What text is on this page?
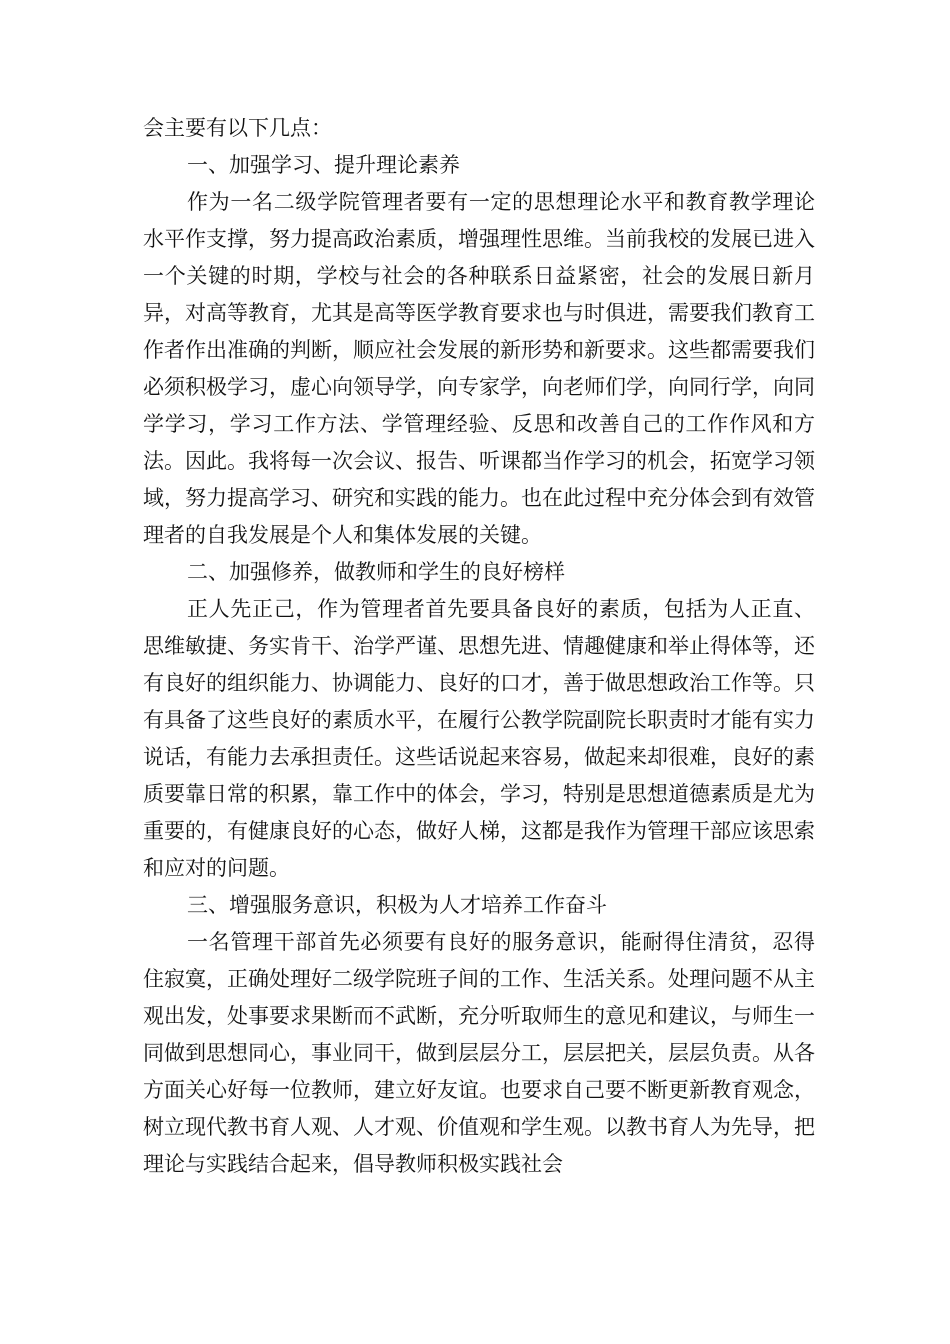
会主要有以下几点：

一、加强学习、提升理论素养

作为一名二级学院管理者要有一定的思想理论水平和教育教学理论水平作支撑，努力提高政治素质，增强理性思维。当前我校的发展已进入一个关键的时期，学校与社会的各种联系日益紧密，社会的发展日新月异，对高等教育，尤其是高等医学教育要求也与时俱进，需要我们教育工作者作出准确的判断，顺应社会发展的新形势和新要求。这些都需要我们必须积极学习，虚心向领导学，向专家学，向老师们学，向同行学，向同学学习，学习工作方法、学管理经验、反思和改善自己的工作作风和方法。因此。我将每一次会议、报告、听课都当作学习的机会，拓宽学习领域，努力提高学习、研究和实践的能力。也在此过程中充分体会到有效管理者的自我发展是个人和集体发展的关键。

二、加强修养，做教师和学生的良好榜样

正人先正己，作为管理者首先要具备良好的素质，包括为人正直、思维敏捷、务实肯干、治学严谨、思想先进、情趣健康和举止得体等，还有良好的组织能力、协调能力、良好的口才，善于做思想政治工作等。只有具备了这些良好的素质水平，在履行公教学院副院长职责时才能有实力说话，有能力去承担责任。这些话说起来容易，做起来却很难，良好的素质要靠日常的积累，靠工作中的体会，学习，特别是思想道德素质是尤为重要的，有健康良好的心态，做好人梯，这都是我作为管理干部应该思索和应对的问题。

三、增强服务意识，积极为人才培养工作奋斗

一名管理干部首先必须要有良好的服务意识，能耐得住清贫，忍得住寂寞，正确处理好二级学院班子间的工作、生活关系。处理问题不从主观出发，处事要求果断而不武断，充分听取师生的意见和建议，与师生一同做到思想同心，事业同干，做到层层分工，层层把关，层层负责。从各方面关心好每一位教师，建立好友谊。也要求自己要不断更新教育观念，树立现代教书育人观、人才观、价值观和学生观。以教书育人为先导，把理论与实践结合起来，倡导教师积极实践社会
